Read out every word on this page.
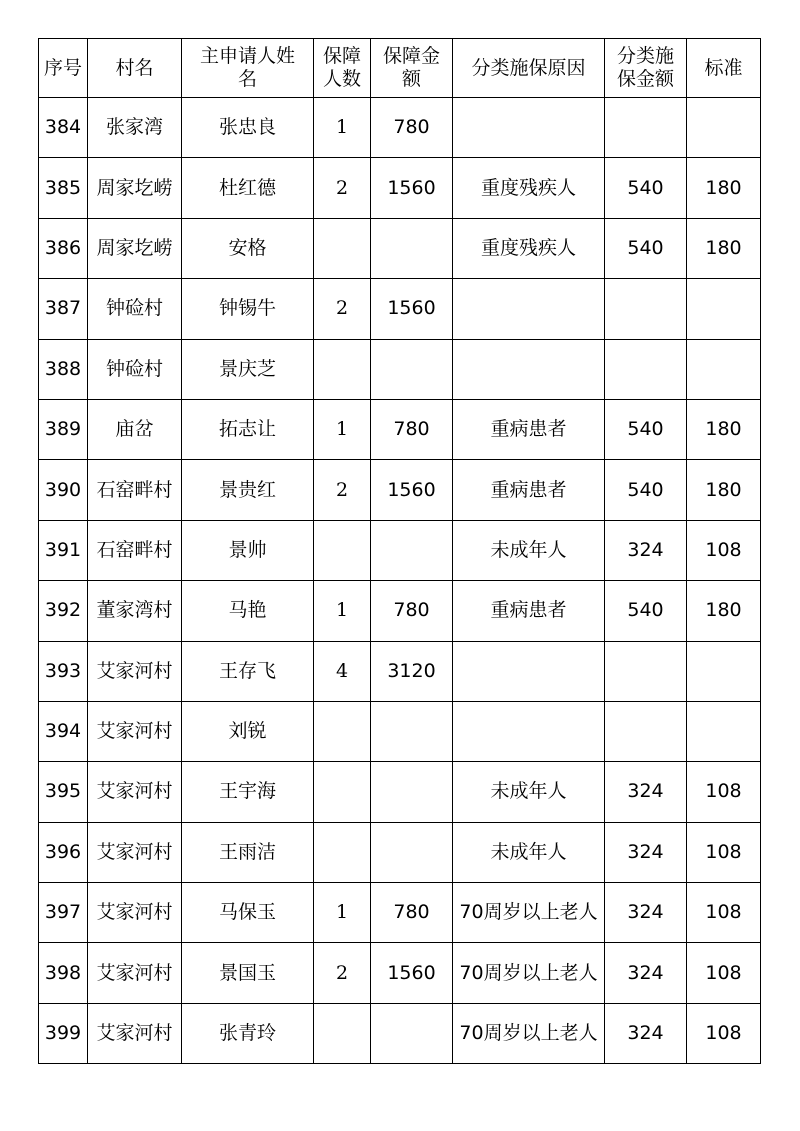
序号	村名	主申请人姓名	保障人数	保障金额	分类施保原因	分类施保金额	标准
384	张家湾	张忠良	1	780			
385	周家圪崂	杜红德	2	1560	重度残疾人	540	180
386	周家圪崂	安格			重度残疾人	540	180
387	钟硷村	钟锡牛	2	1560			
388	钟硷村	景庆芝					
389	庙岔	拓志让	1	780	重病患者	540	180
390	石窑畔村	景贵红	2	1560	重病患者	540	180
391	石窑畔村	景帅			未成年人	324	108
392	董家湾村	马艳	1	780	重病患者	540	180
393	艾家河村	王存飞	4	3120			
394	艾家河村	刘锐					
395	艾家河村	王宇海			未成年人	324	108
396	艾家河村	王雨洁			未成年人	324	108
397	艾家河村	马保玉	1	780	70周岁以上老人	324	108
398	艾家河村	景国玉	2	1560	70周岁以上老人	324	108
399	艾家河村	张青玲			70周岁以上老人	324	108
